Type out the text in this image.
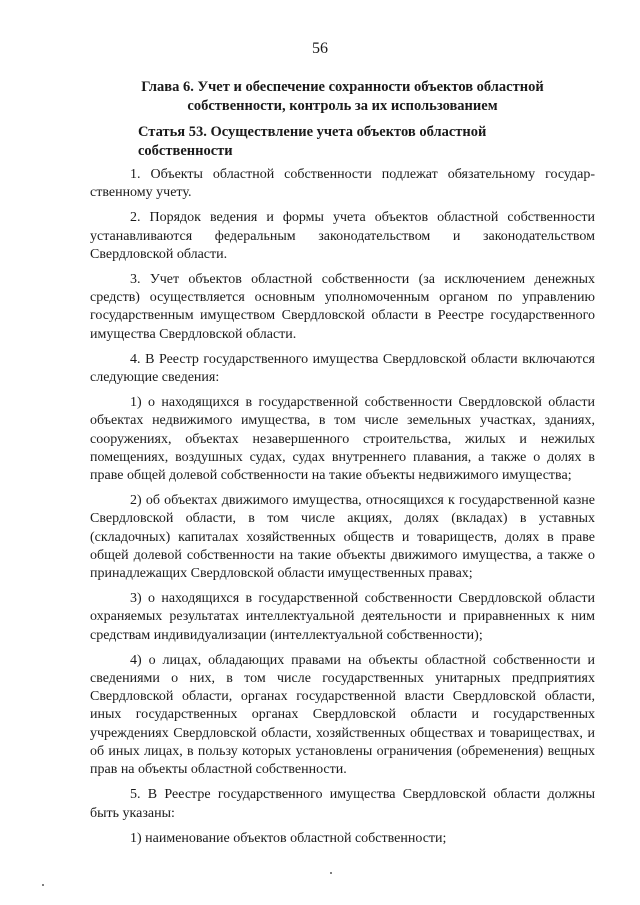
56
Глава 6. Учет и обеспечение сохранности объектов областной
собственности, контроль за их использованием
Статья 53. Осуществление учета объектов областной
собственности

1. Объекты областной собственности подлежат обязательному государственному учету.

2. Порядок ведения и формы учета объектов областной собственности устанавливаются федеральным законодательством и законодательством Свердловской области.

3. Учет объектов областной собственности (за исключением денежных средств) осуществляется основным уполномоченным органом по управлению государственным имуществом Свердловской области в Реестре государственного имущества Свердловской области.

4. В Реестр государственного имущества Свердловской области включаются следующие сведения:

1) о находящихся в государственной собственности Свердловской области объектах недвижимого имущества, в том числе земельных участках, зданиях, сооружениях, объектах незавершенного строительства, жилых и нежилых помещениях, воздушных судах, судах внутреннего плавания, а также о долях в праве общей долевой собственности на такие объекты недвижимого имущества;

2) об объектах движимого имущества, относящихся к государственной казне Свердловской области, в том числе акциях, долях (вкладах) в уставных (складочных) капиталах хозяйственных обществ и товариществ, долях в праве общей долевой собственности на такие объекты движимого имущества, а также о принадлежащих Свердловской области имущественных правах;

3) о находящихся в государственной собственности Свердловской области охраняемых результатах интеллектуальной деятельности и приравненных к ним средствам индивидуализации (интеллектуальной собственности);

4) о лицах, обладающих правами на объекты областной собственности и сведениями о них, в том числе государственных унитарных предприятиях Свердловской области, органах государственной власти Свердловской области, иных государственных органах Свердловской области и государственных учреждениях Свердловской области, хозяйственных обществах и товариществах, и об иных лицах, в пользу которых установлены ограничения (обременения) вещных прав на объекты областной собственности.

5. В Реестре государственного имущества Свердловской области должны быть указаны:

1) наименование объектов областной собственности;
